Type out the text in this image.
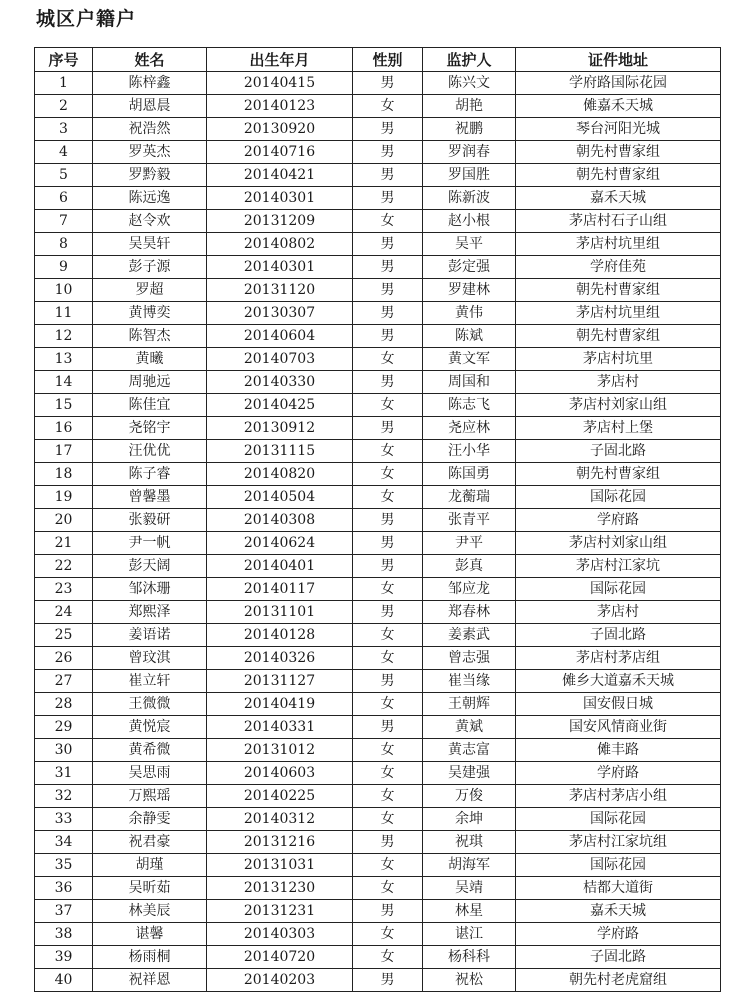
城区户籍户
序号	姓名	出生年月	性别	监护人	证件地址
1	陈梓鑫	20140415	男	陈兴文	学府路国际花园
2	胡恩晨	20140123	女	胡艳	傩嘉禾天城
3	祝浩然	20130920	男	祝鹏	琴台河阳光城
4	罗英杰	20140716	男	罗润春	朝先村曹家组
5	罗黔毅	20140421	男	罗国胜	朝先村曹家组
6	陈远逸	20140301	男	陈新波	嘉禾天城
7	赵令欢	20131209	女	赵小根	茅店村石子山组
8	吴昊轩	20140802	男	吴平	茅店村坑里组
9	彭子源	20140301	男	彭定强	学府佳苑
10	罗超	20131120	男	罗建林	朝先村曹家组
11	黄博奕	20130307	男	黄伟	茅店村坑里组
12	陈智杰	20140604	男	陈斌	朝先村曹家组
13	黄曦	20140703	女	黄文军	茅店村坑里
14	周驰远	20140330	男	周国和	茅店村
15	陈佳宜	20140425	女	陈志飞	茅店村刘家山组
16	尧铭宇	20130912	男	尧应林	茅店村上堡
17	汪优优	20131115	女	汪小华	子固北路
18	陈子睿	20140820	女	陈国勇	朝先村曹家组
19	曾馨墨	20140504	女	龙蘅瑞	国际花园
20	张毅研	20140308	男	张青平	学府路
21	尹一帆	20140624	男	尹平	茅店村刘家山组
22	彭天阔	20140401	男	彭真	茅店村江家坑
23	邹沐珊	20140117	女	邹应龙	国际花园
24	郑熙泽	20131101	男	郑春林	茅店村
25	姜语诺	20140128	女	姜素武	子固北路
26	曾玟淇	20140326	女	曾志强	茅店村茅店组
27	崔立轩	20131127	男	崔当缘	傩乡大道嘉禾天城
28	王微微	20140419	女	王朝辉	国安假日城
29	黄悦宸	20140331	男	黄斌	国安风情商业街
30	黄希微	20131012	女	黄志富	傩丰路
31	吴思雨	20140603	女	吴建强	学府路
32	万熙瑶	20140225	女	万俊	茅店村茅店小组
33	余静雯	20140312	女	余坤	国际花园
34	祝君豪	20131216	男	祝琪	茅店村江家坑组
35	胡瑾	20131031	女	胡海军	国际花园
36	吴昕茹	20131230	女	吴靖	桔都大道街
37	林美辰	20131231	男	林星	嘉禾天城
38	谌馨	20140303	女	谌江	学府路
39	杨雨桐	20140720	女	杨科科	子固北路
40	祝祥恩	20140203	男	祝松	朝先村老虎窟组
